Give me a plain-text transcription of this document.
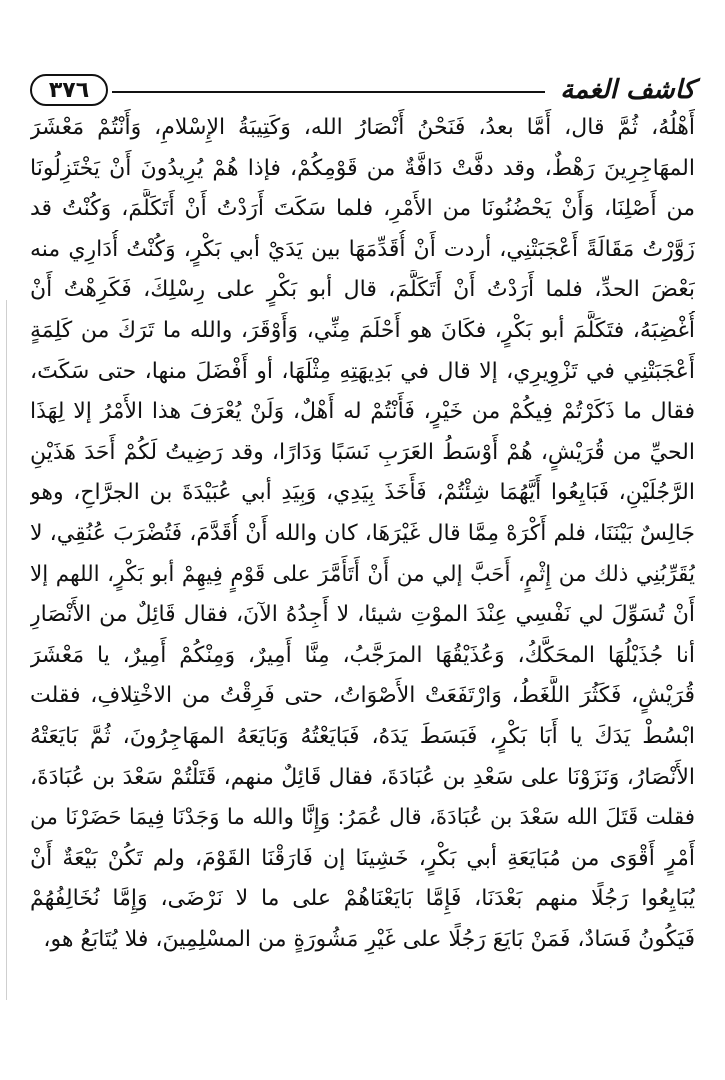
٣٧٦	كاشف الغمة
أَهْلُهُ، ثُمَّ قال، أَمَّا بعدُ، فَنَحْنُ أَنْصَارُ الله، وَكَتِيبَةُ الإِسْلامِ، وَأَنْتُمْ مَعْشَرَ
المهَاجِرِينَ رَهْطٌ، وقد دفَّتْ دَافَّةٌ من قَوْمِكُمْ، فإذا هُمْ يُرِيدُونَ أَنْ يَخْتَزِلُونَا
من أَصْلِنَا، وَأَنْ يَحْضُنُونَا من الأَمْرِ، فلما سَكَتَ أَرَدْتُ أَنْ أَتَكَلَّمَ، وَكُنْتُ قد
زَوَّرْتُ مَقَالَةً أَعْجَبَتْنِي، أردت أَنْ أُقَدِّمَهَا بين يَدَيْ أبي بَكْرٍ، وَكُنْتُ أُدَارِي منه
بَعْضَ الحدِّ، فلما أَرَدْتُ أَنْ أَتَكَلَّمَ، قال أبو بَكْرٍ على رِسْلِكَ، فَكَرِهْتُ أَنْ
أُغْضِبَهُ، فتَكَلَّمَ أبو بَكْرٍ، فكَانَ هو أَحْلَمَ مِنِّي، وَأَوْقَرَ، والله ما تَرَكَ من كَلِمَةٍ
أَعْجَبَتْنِي في تَزْوِيرِي، إلا قال في بَدِيهَتِهِ مِثْلَهَا، أو أَفْضَلَ منها، حتى سَكَتَ،
فقال ما ذَكَرْتُمْ فِيكُمْ من خَيْرٍ، فَأَنْتُمْ له أَهْلٌ، وَلَنْ يُعْرَفَ هذا الأَمْرُ إلا لِهَذَا
الحيِّ من قُرَيْشٍ، هُمْ أَوْسَطُ العَرَبِ نَسَبًا وَدَارًا، وقد رَضِيتُ لَكُمْ أَحَدَ هَذَيْنِ
الرَّجُلَيْنِ، فَبَايِعُوا أَيَّهُمَا شِئْتُمْ، فَأَخَذَ بِيَدِي، وَبِيَدِ أبي عُبَيْدَةَ بن الجرَّاحِ، وهو
جَالِسٌ بَيْنَنَا، فلم أَكْرَهْ مِمَّا قال غَيْرَهَا، كان والله أَنْ أُقَدَّمَ، فَتُضْرَبَ عُنُقِي، لا
يُقَرِّبُنِي ذلك من إِثْمٍ، أَحَبَّ إلي من أَنْ أَتَأَمَّرَ على قَوْمٍ فِيهِمْ أبو بَكْرٍ، اللهم إلا
أَنْ تُسَوِّلَ لي نَفْسِي عِنْدَ الموْتِ شيئا، لا أَجِدُهُ الآنَ، فقال قَائِلٌ من الأَنْصَارِ
أنا جُذَيْلُهَا المحَكَّكُ، وَعُذَيْقُهَا المرَجَّبُ، مِنَّا أَمِيرٌ، وَمِنْكُمْ أَمِيرٌ، يا مَعْشَرَ
قُرَيْشٍ، فَكَثُرَ اللَّغَطُ، وَارْتَفَعَتْ الأَصْوَاتُ، حتى فَرِقْتُ من الاخْتِلافِ، فقلت
ابْسُطْ يَدَكَ يا أَبَا بَكْرٍ، فَبَسَطَ يَدَهُ، فَبَايَعْتُهُ وَبَايَعَهُ المهَاجِرُونَ، ثُمَّ بَايَعَتْهُ
الأَنْصَارُ، وَنَزَوْنَا على سَعْدِ بن عُبَادَةَ، فقال قَائِلٌ منهم، قَتَلْتُمْ سَعْدَ بن عُبَادَةَ،
فقلت قَتَلَ الله سَعْدَ بن عُبَادَةَ، قال عُمَرُ: وَإِنَّا والله ما وَجَدْنَا فِيمَا حَضَرْنَا من
أَمْرٍ أَقْوَى من مُبَايَعَةِ أبي بَكْرٍ، خَشِينَا إن فَارَقْنَا القَوْمَ، ولم تَكُنْ بَيْعَةٌ أَنْ
يُبَايِعُوا رَجُلًا منهم بَعْدَنَا، فَإِمَّا بَايَعْنَاهُمْ على ما لا نَرْضَى، وَإِمَّا نُخَالِفُهُمْ
فَيَكُونُ فَسَادٌ، فَمَنْ بَايَعَ رَجُلًا على غَيْرِ مَشُورَةٍ من المسْلِمِينَ، فلا يُتَابَعُ هو،
